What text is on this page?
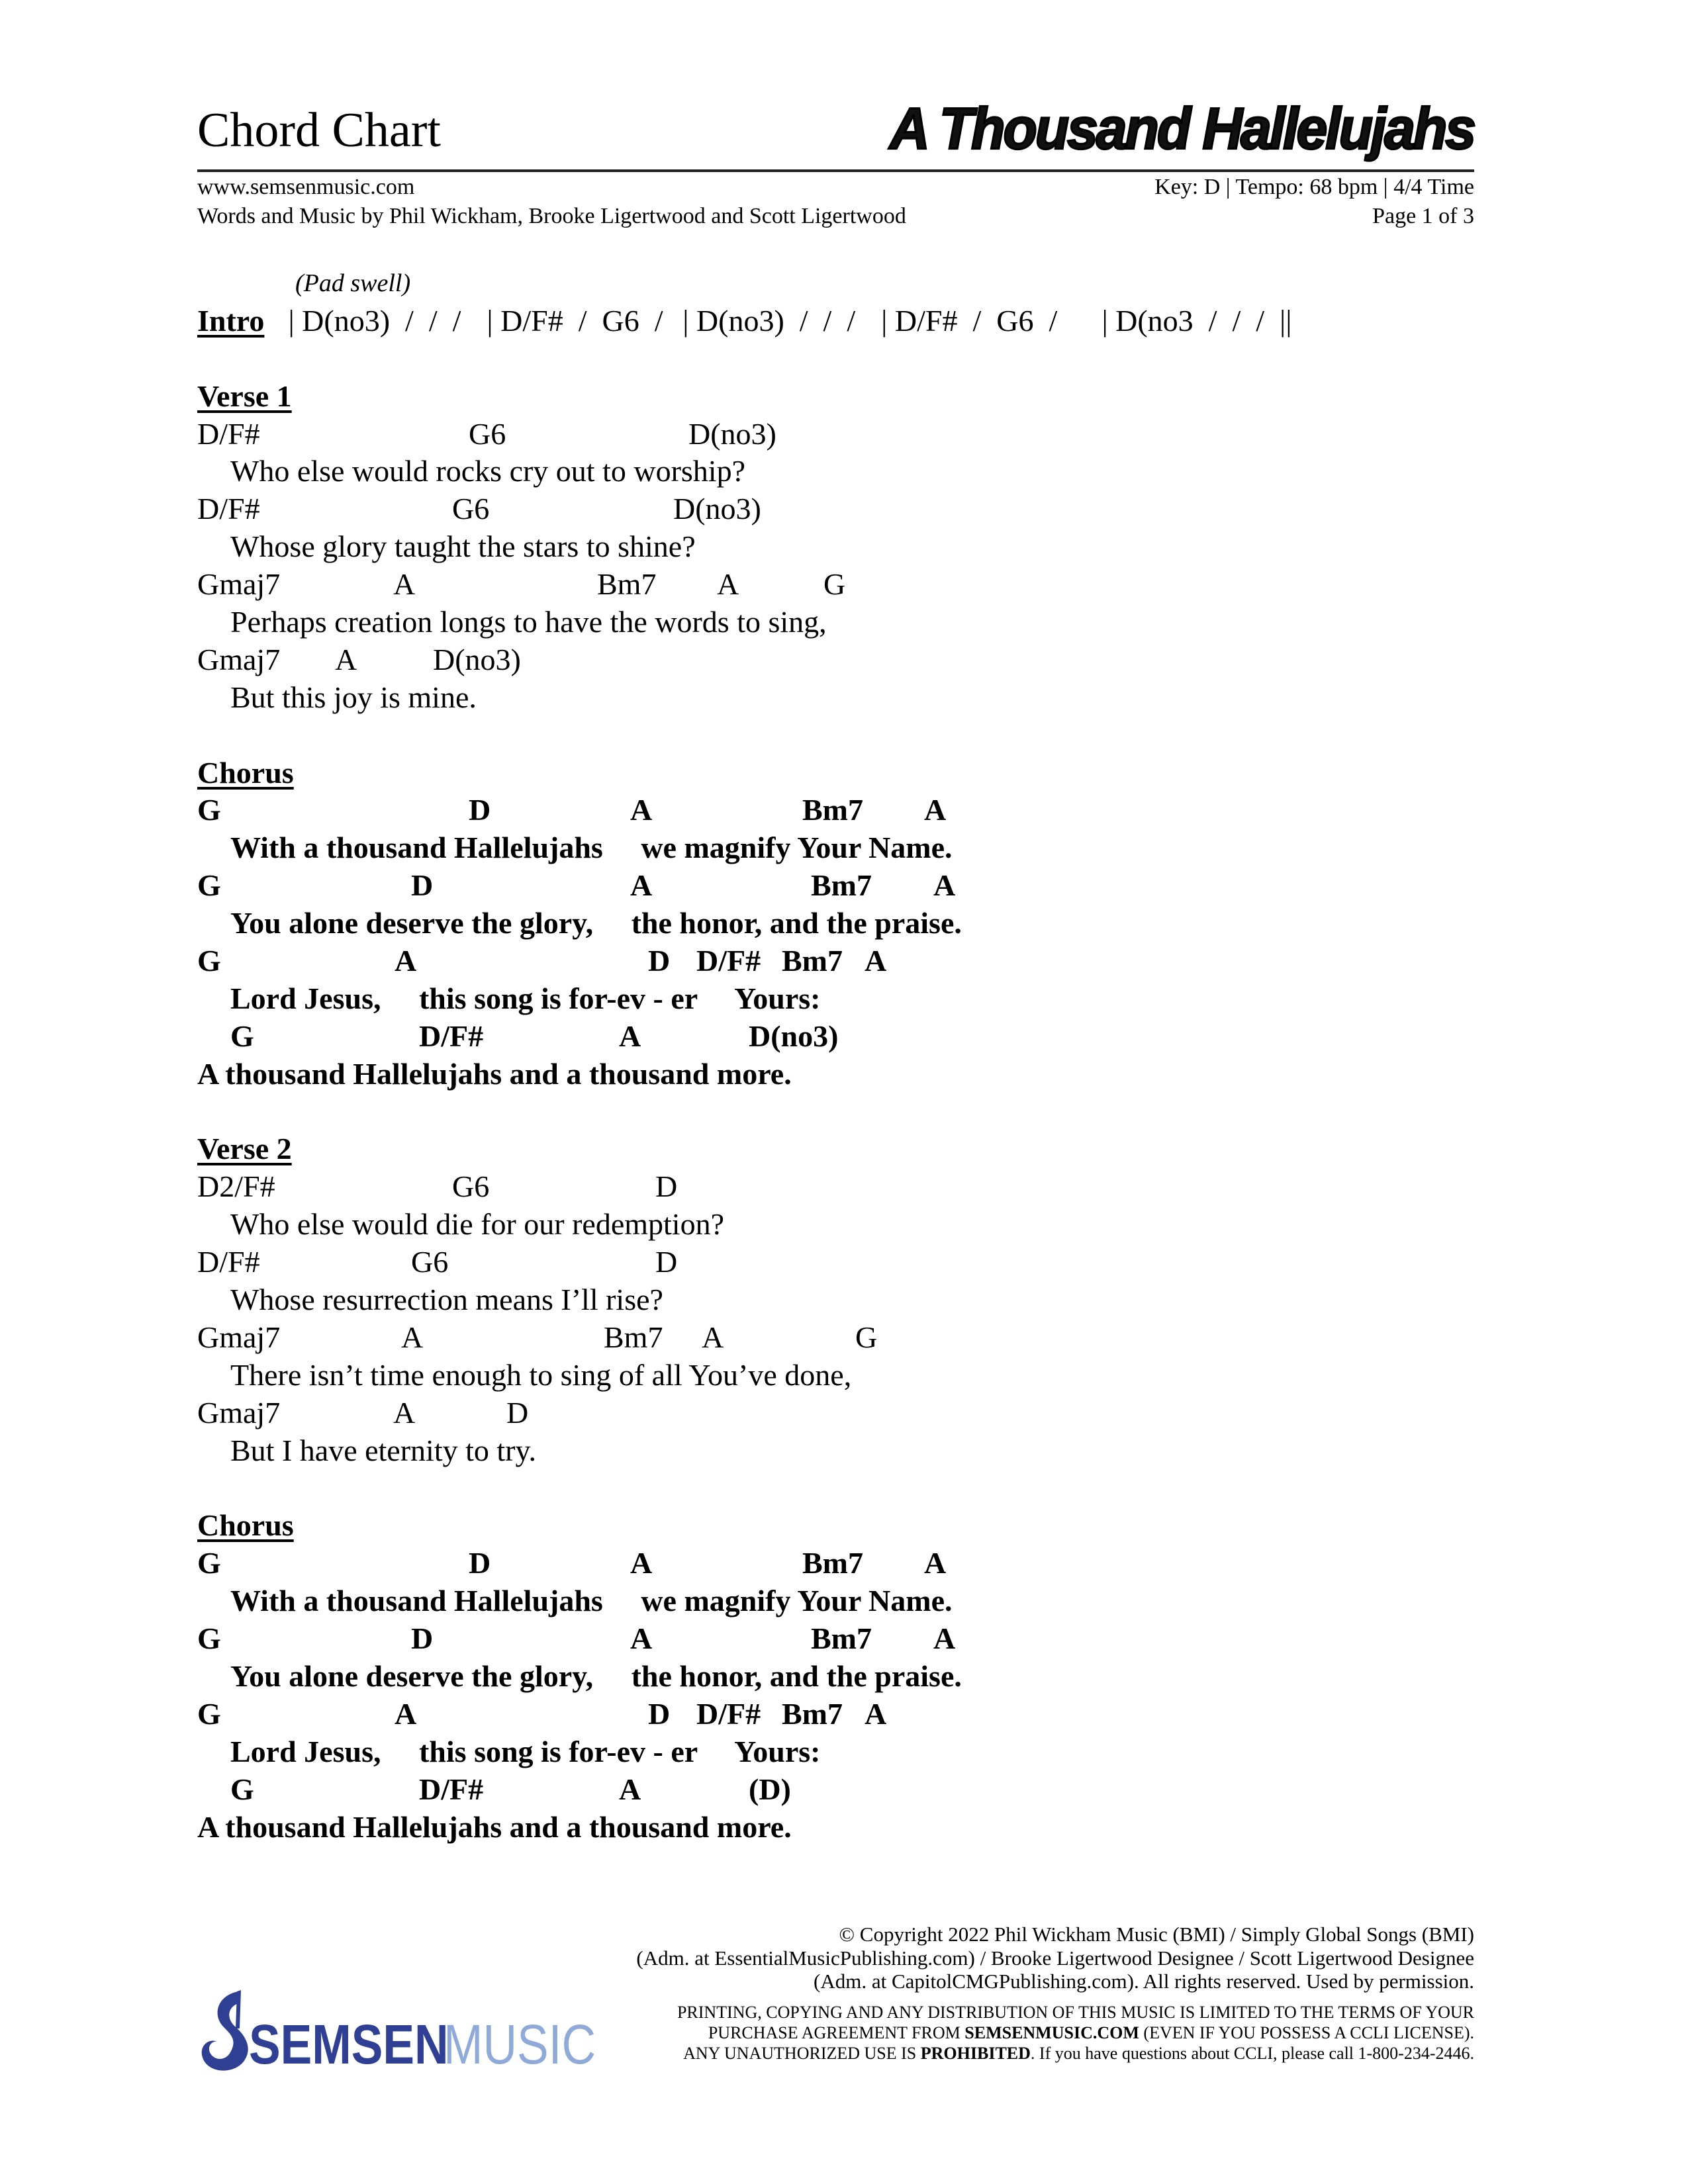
Chord Chart	A Thousand Hallelujahs
www.semsenmusic.com
Words and Music by Phil Wickham, Brooke Ligertwood and Scott Ligertwood
Key: D | Tempo: 68 bpm | 4/4 Time
Page 1 of 3
(Pad swell)
Intro | D(no3)  /  /  / | D/F#  /  G6  / | D(no3)  /  /  / | D/F#  /  G6  / | D(no3  /  /  /  ||
Verse 1
D/F#	G6	D(no3)
Who else would rocks cry out to worship?
D/F#	G6	D(no3)
Whose glory taught the stars to shine?
Gmaj7	A	Bm7 A	G
Perhaps creation longs to have the words to sing,
Gmaj7 A D(no3)
But this joy is mine.
Chorus
G	D	A	Bm7 A
With a thousand Hallelujahs     we magnify Your Name.
G	D	A	Bm7 A
You alone deserve the glory,     the honor, and the praise.
G	A	D D/F# Bm7 A
Lord Jesus,     this song is for-ev - er     Yours:
G	D/F#	A	D(no3)
A thousand Hallelujahs and a thousand more.
Verse 2
D2/F#	G6	D
Who else would die for our redemption?
D/F#	G6	D
Whose resurrection means I’ll rise?
Gmaj7	A	Bm7 A	G
There isn’t time enough to sing of all You’ve done,
Gmaj7	A	D
But I have eternity to try.
Chorus
G	D	A	Bm7 A
With a thousand Hallelujahs     we magnify Your Name.
G	D	A	Bm7 A
You alone deserve the glory,     the honor, and the praise.
G	A	D D/F# Bm7 A
Lord Jesus,     this song is for-ev - er     Yours:
G	D/F#	A	(D)
A thousand Hallelujahs and a thousand more.
© Copyright 2022 Phil Wickham Music (BMI) / Simply Global Songs (BMI)
(Adm. at EssentialMusicPublishing.com) / Brooke Ligertwood Designee / Scott Ligertwood Designee
(Adm. at CapitolCMGPublishing.com). All rights reserved. Used by permission.
PRINTING, COPYING AND ANY DISTRIBUTION OF THIS MUSIC IS LIMITED TO THE TERMS OF YOUR
PURCHASE AGREEMENT FROM SEMSENMUSIC.COM (EVEN IF YOU POSSESS A CCLI LICENSE).
ANY UNAUTHORIZED USE IS PROHIBITED. If you have questions about CCLI, please call 1-800-234-2446.
SEMSEN
MUSIC
